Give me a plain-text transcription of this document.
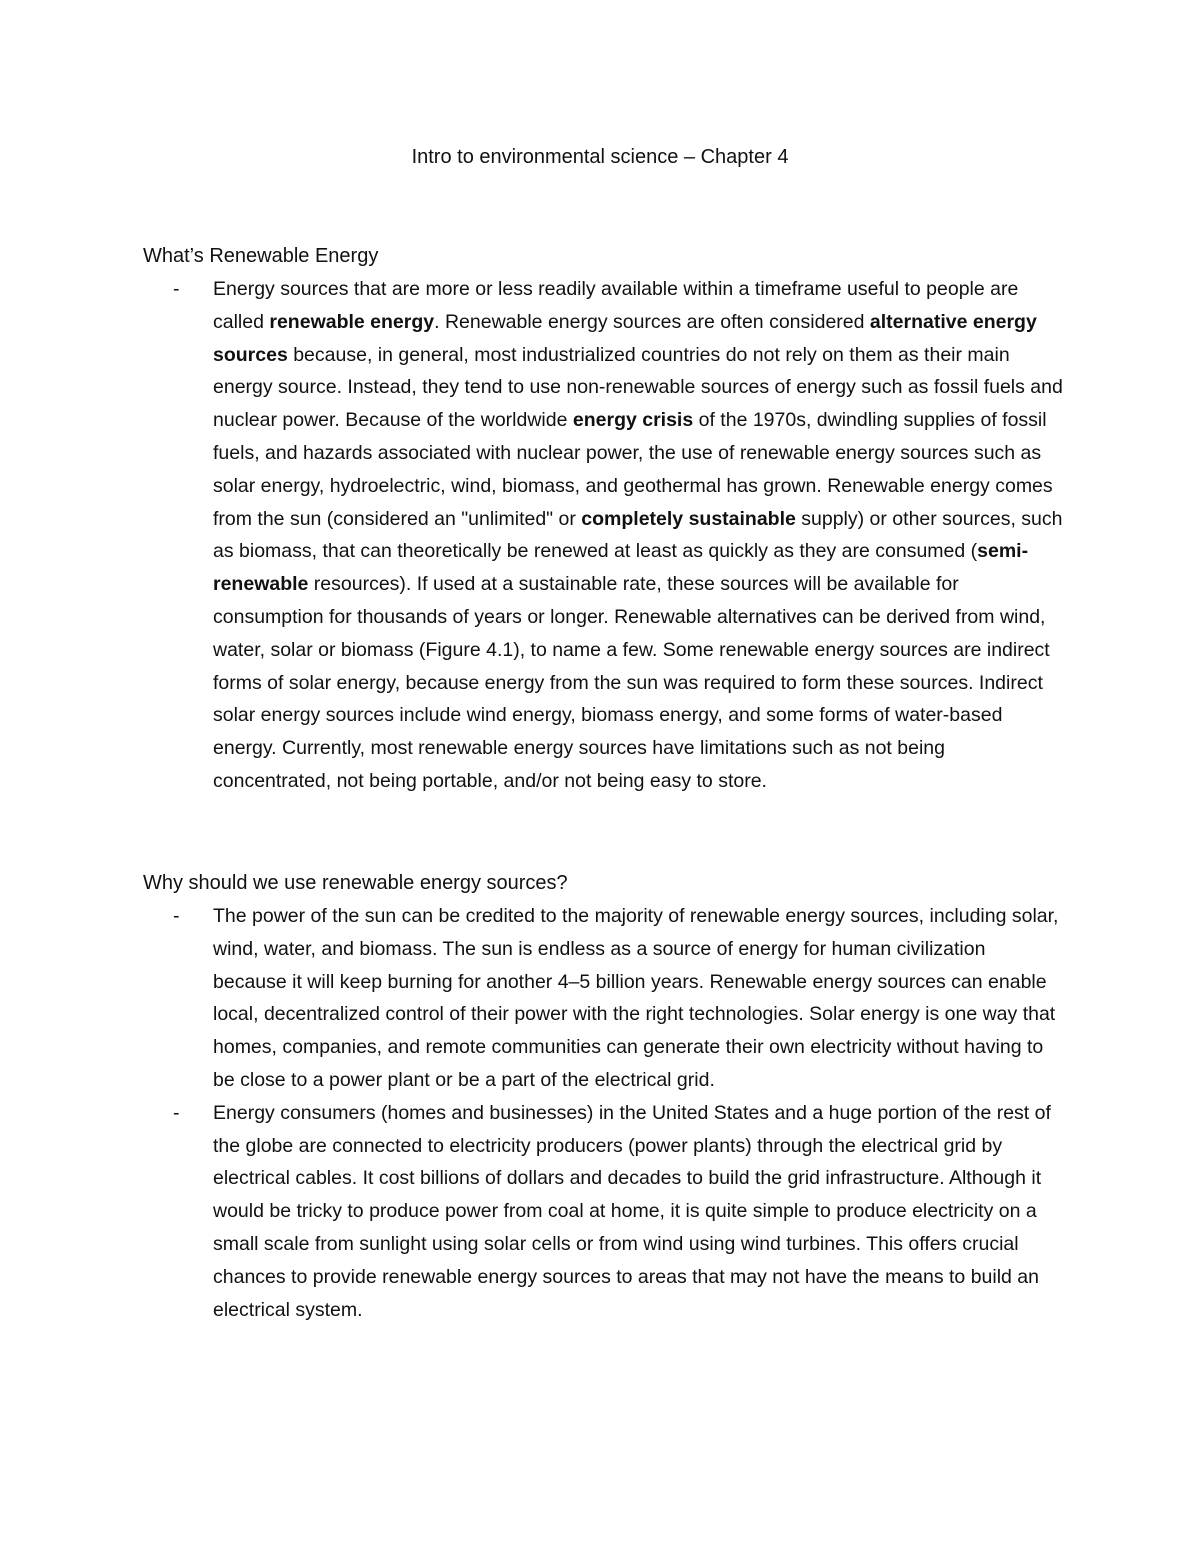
Intro to environmental science – Chapter 4
What’s Renewable Energy
- Energy sources that are more or less readily available within a timeframe useful to people are called renewable energy. Renewable energy sources are often considered alternative energy sources because, in general, most industrialized countries do not rely on them as their main energy source. Instead, they tend to use non-renewable sources of energy such as fossil fuels and nuclear power. Because of the worldwide energy crisis of the 1970s, dwindling supplies of fossil fuels, and hazards associated with nuclear power, the use of renewable energy sources such as solar energy, hydroelectric, wind, biomass, and geothermal has grown. Renewable energy comes from the sun (considered an "unlimited" or completely sustainable supply) or other sources, such as biomass, that can theoretically be renewed at least as quickly as they are consumed (semi-renewable resources). If used at a sustainable rate, these sources will be available for consumption for thousands of years or longer. Renewable alternatives can be derived from wind, water, solar or biomass (Figure 4.1), to name a few. Some renewable energy sources are indirect forms of solar energy, because energy from the sun was required to form these sources. Indirect solar energy sources include wind energy, biomass energy, and some forms of water-based energy. Currently, most renewable energy sources have limitations such as not being concentrated, not being portable, and/or not being easy to store.
Why should we use renewable energy sources?
- The power of the sun can be credited to the majority of renewable energy sources, including solar, wind, water, and biomass. The sun is endless as a source of energy for human civilization because it will keep burning for another 4–5 billion years. Renewable energy sources can enable local, decentralized control of their power with the right technologies. Solar energy is one way that homes, companies, and remote communities can generate their own electricity without having to be close to a power plant or be a part of the electrical grid.
- Energy consumers (homes and businesses) in the United States and a huge portion of the rest of the globe are connected to electricity producers (power plants) through the electrical grid by electrical cables. It cost billions of dollars and decades to build the grid infrastructure. Although it would be tricky to produce power from coal at home, it is quite simple to produce electricity on a small scale from sunlight using solar cells or from wind using wind turbines. This offers crucial chances to provide renewable energy sources to areas that may not have the means to build an electrical system.
